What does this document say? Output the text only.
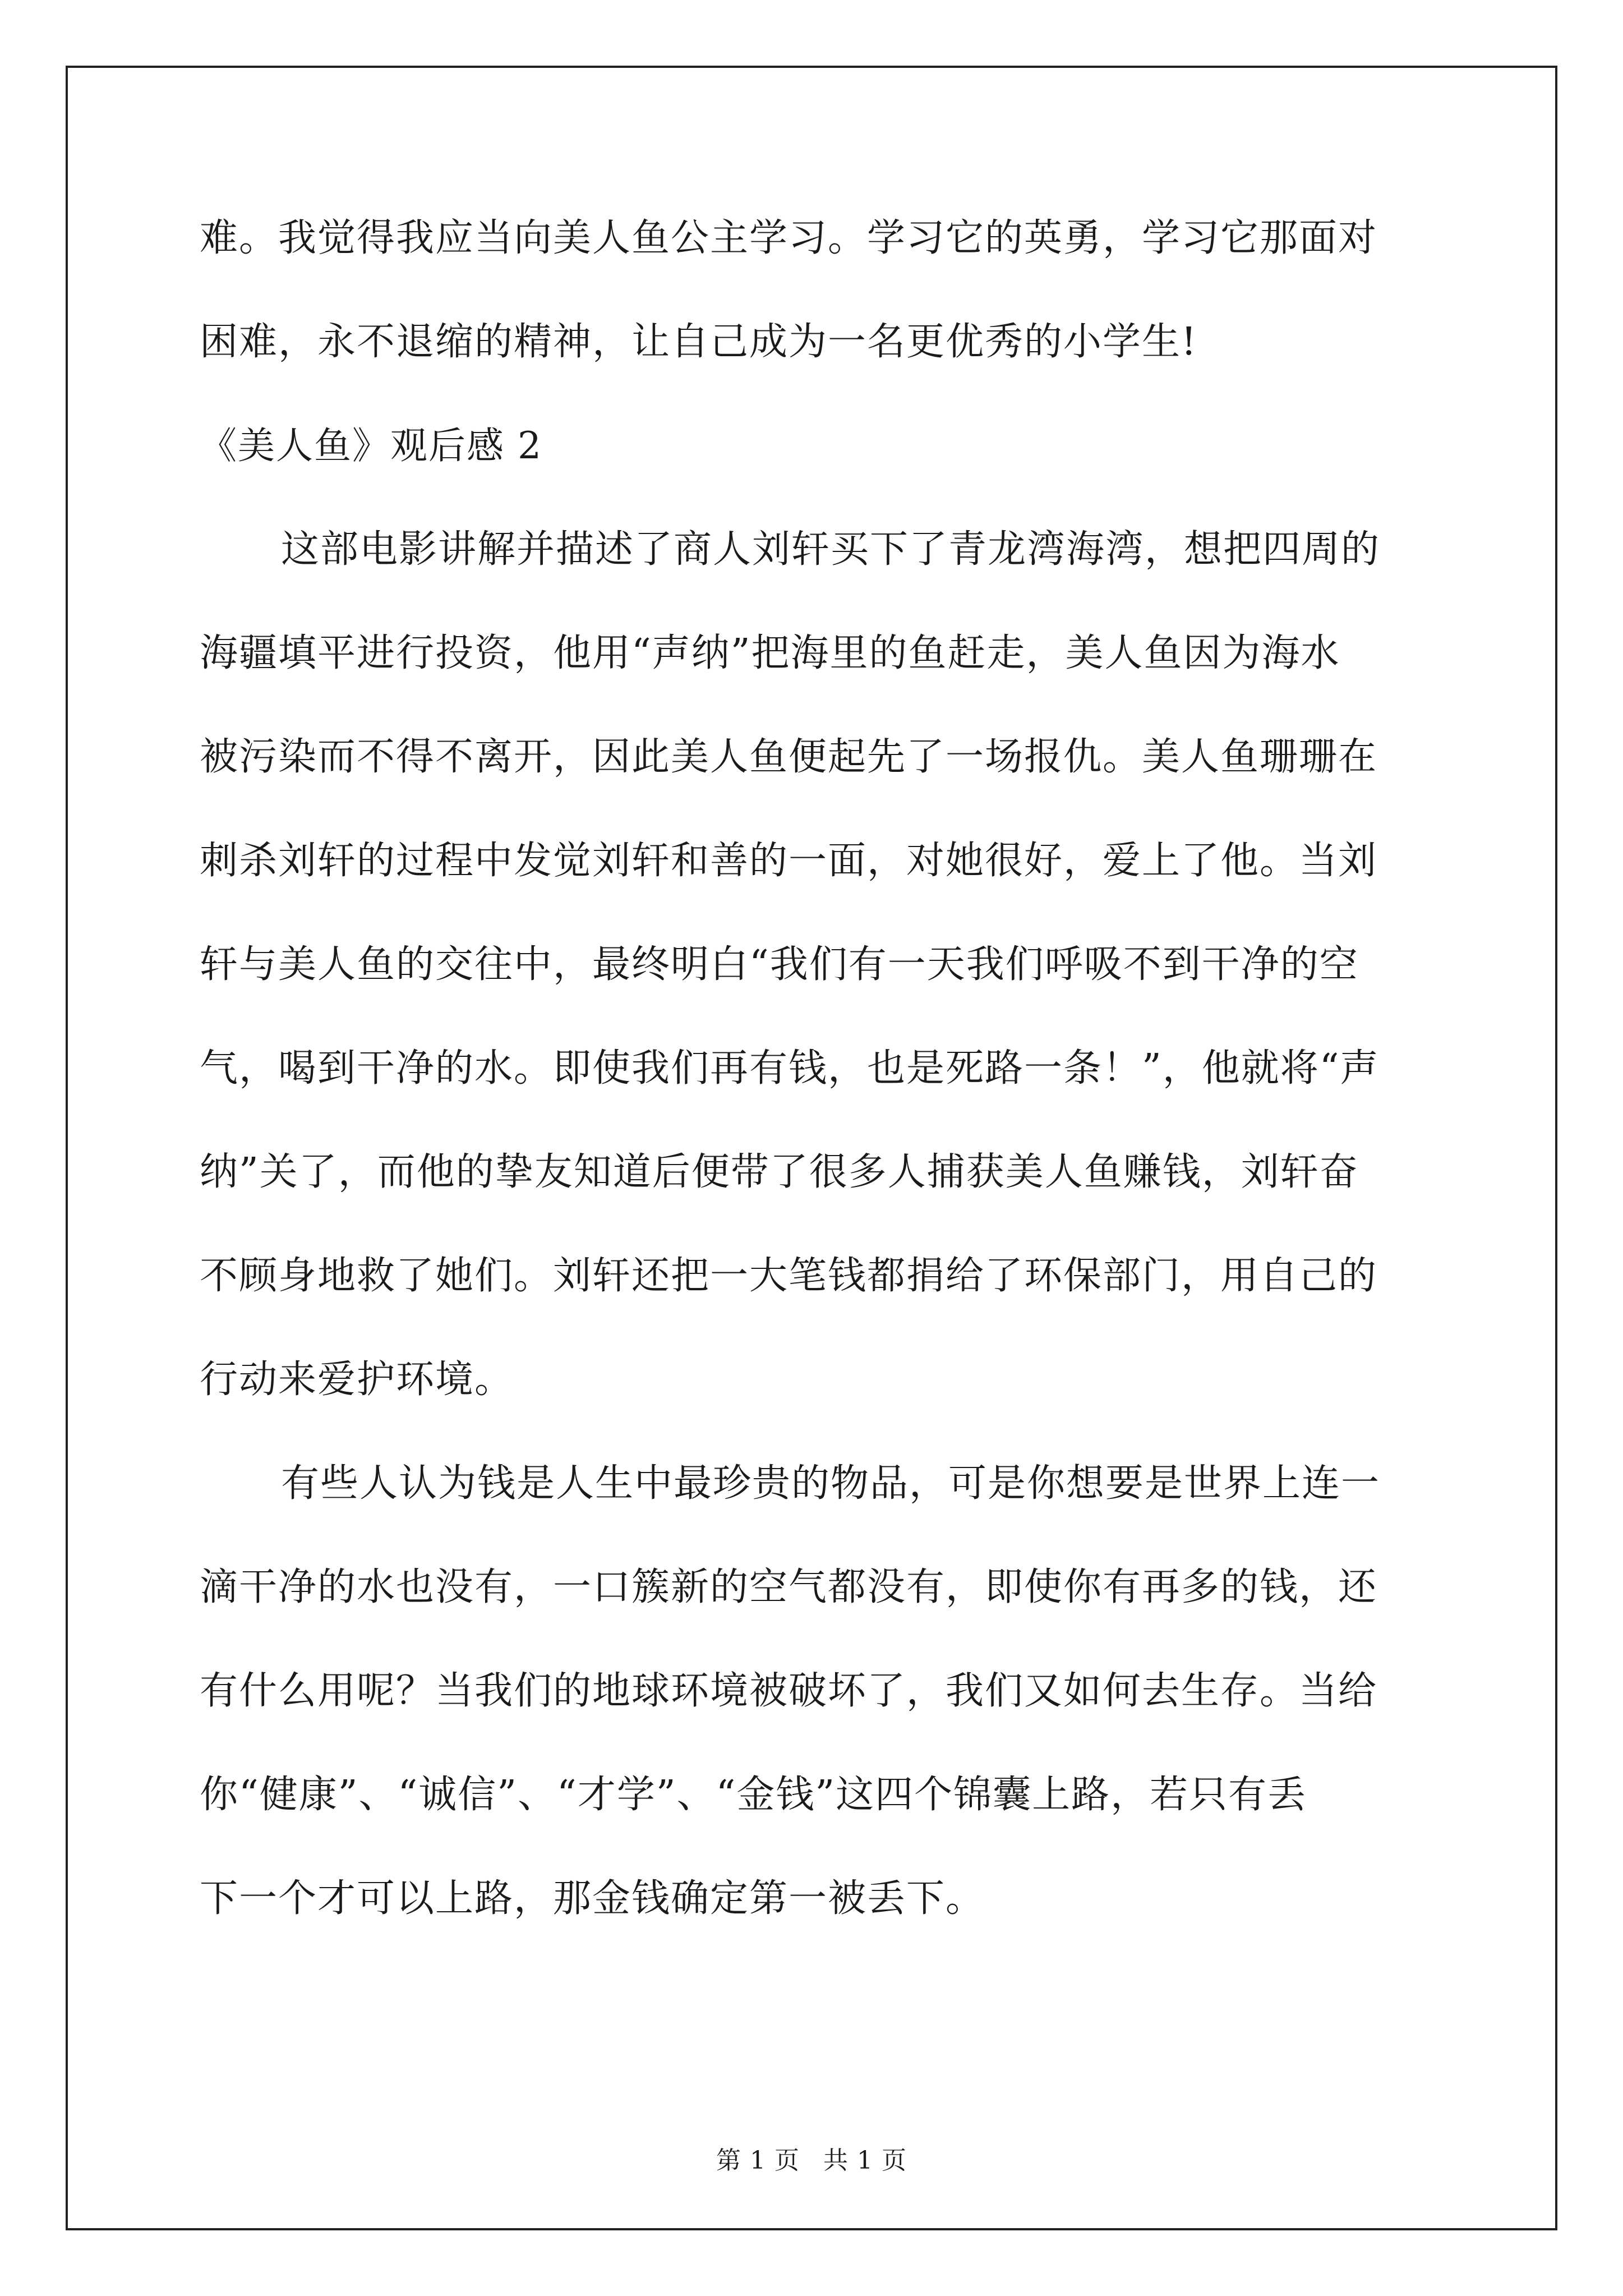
难。我觉得我应当向美人鱼公主学习。学习它的英勇，学习它那面对
困难，永不退缩的精神，让自己成为一名更优秀的小学生!
《美人鱼》观后感 2
这部电影讲解并描述了商人刘轩买下了青龙湾海湾，想把四周的
海疆填平进行投资，他用“声纳”把海里的鱼赶走，美人鱼因为海水
被污染而不得不离开，因此美人鱼便起先了一场报仇。美人鱼珊珊在
刺杀刘轩的过程中发觉刘轩和善的一面，对她很好，爱上了他。当刘
轩与美人鱼的交往中，最终明白“我们有一天我们呼吸不到干净的空
气，喝到干净的水。即使我们再有钱，也是死路一条！”，他就将“声
纳”关了，而他的挚友知道后便带了很多人捕获美人鱼赚钱，刘轩奋
不顾身地救了她们。刘轩还把一大笔钱都捐给了环保部门，用自己的
行动来爱护环境。
有些人认为钱是人生中最珍贵的物品，可是你想要是世界上连一
滴干净的水也没有，一口簇新的空气都没有，即使你有再多的钱，还
有什么用呢？当我们的地球环境被破坏了，我们又如何去生存。当给
你“健康”、“诚信”、“才学”、“金钱”这四个锦囊上路，若只有丢
下一个才可以上路，那金钱确定第一被丢下。
第 1 页 共 1 页
